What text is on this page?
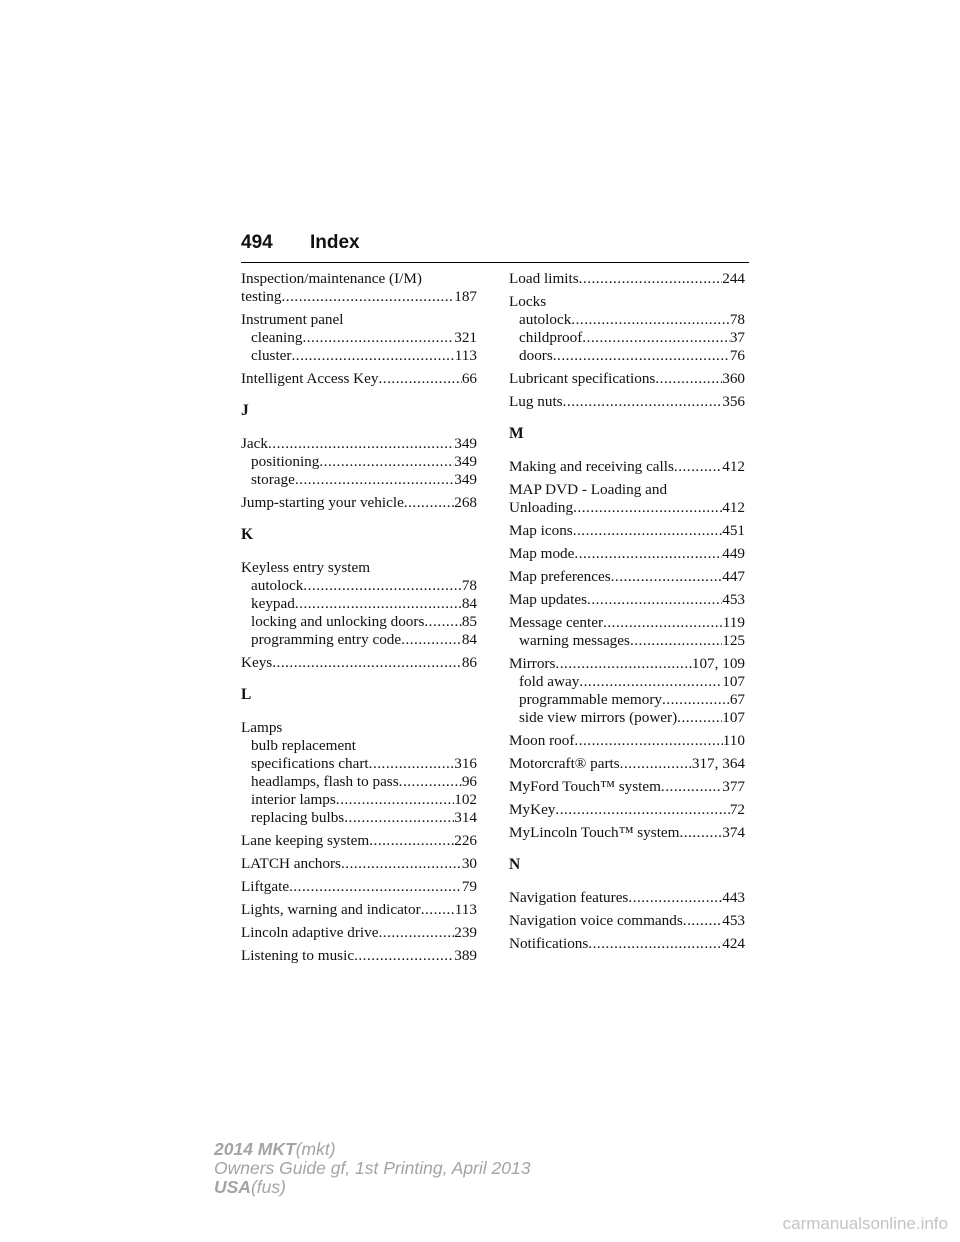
494 Index
Inspection/maintenance (I/M)
testing .....	187
Instrument panel
cleaning .....	321
cluster .....	113
Intelligent Access Key .....	66
J
Jack .....	349
positioning .....	349
storage .....	349
Jump-starting your vehicle .....	268
K
Keyless entry system
autolock .....	78
keypad .....	84
locking and unlocking doors ..... 85
programming entry code .....	84
Keys .....	86
L
Lamps
bulb replacement
specifications chart .....	316
headlamps, flash to pass .....	96
interior lamps .....	102
replacing bulbs .....	314
Lane keeping system .....	226
LATCH anchors .....	30
Liftgate .....	79
Lights, warning and indicator ..... 113
Lincoln adaptive drive .....	239
Listening to music .....	389
Load limits .....	244
Locks
autolock .....	78
childproof .....	37
doors .....	76
Lubricant specifications .....	360
Lug nuts .....	356
M
Making and receiving calls .....	412
MAP DVD - Loading and
Unloading .....	412
Map icons .....	451
Map mode .....	449
Map preferences .....	447
Map updates .....	453
Message center .....	119
warning messages .....	125
Mirrors .....	107, 109
fold away .....	107
programmable memory .....	67
side view mirrors (power) .....	107
Moon roof .....	110
Motorcraft® parts .....	317, 364
MyFord Touch™ system .....	377
MyKey .....	72
MyLincoln Touch™ system .....	374
N
Navigation features .....	443
Navigation voice commands .....	453
Notifications .....	424
2014 MKT(mkt)
Owners Guide gf, 1st Printing, April 2013
USA(fus)
carmanualsonline.info
